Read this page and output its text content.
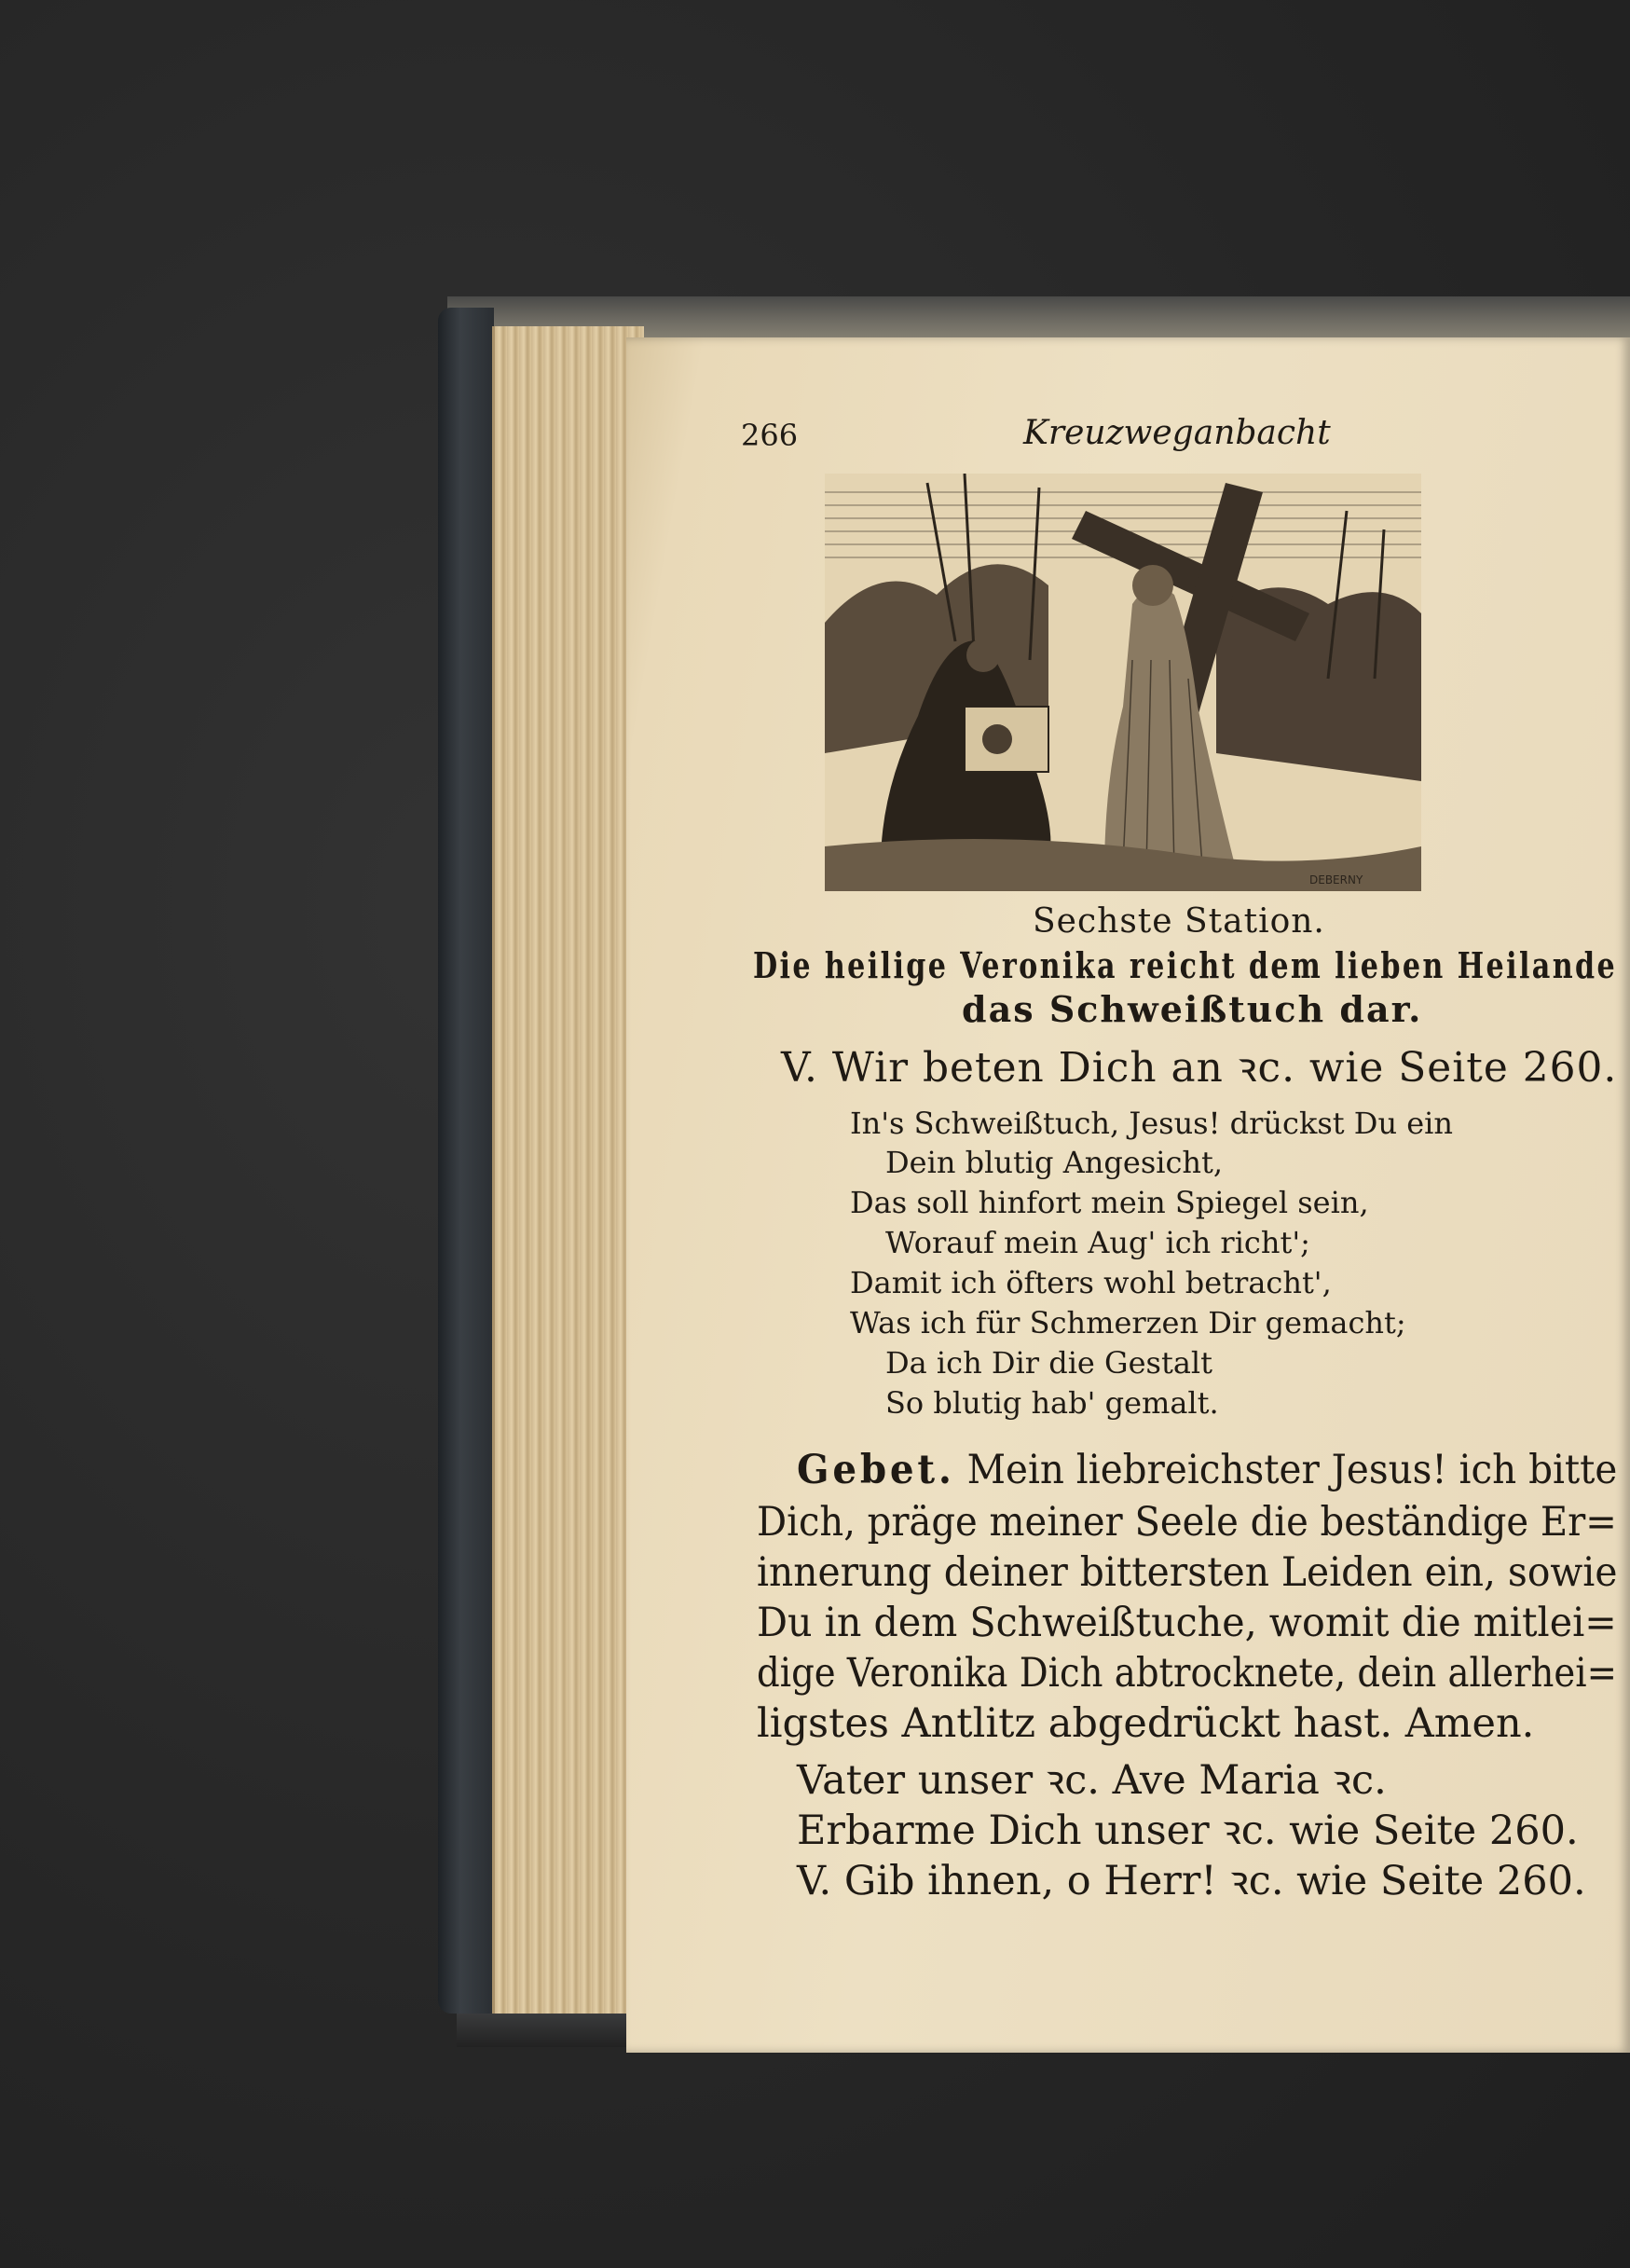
266	Kreuzweganbacht
DEBERNY
Sechste Station.
Die heilige Veronika reicht dem lieben Heilande
das Schweißtuch dar.
V. Wir beten Dich an ꝛc. wie Seite 260.
In's Schweißtuch, Jesus! drückst Du ein
Dein blutig Angesicht,
Das soll hinfort mein Spiegel sein,
Worauf mein Aug' ich richt';
Damit ich öfters wohl betracht',
Was ich für Schmerzen Dir gemacht;
Da ich Dir die Gestalt
So blutig hab' gemalt.
Gebet. Mein liebreichster Jesus! ich bitte
Dich, präge meiner Seele die beständige Er=
innerung deiner bittersten Leiden ein, sowie
Du in dem Schweißtuche, womit die mitlei=
dige Veronika Dich abtrocknete, dein allerhei=
ligstes Antlitz abgedrückt hast. Amen.
Vater unser ꝛc. Ave Maria ꝛc.
Erbarme Dich unser ꝛc. wie Seite 260.
V. Gib ihnen, o Herr! ꝛc. wie Seite 260.
